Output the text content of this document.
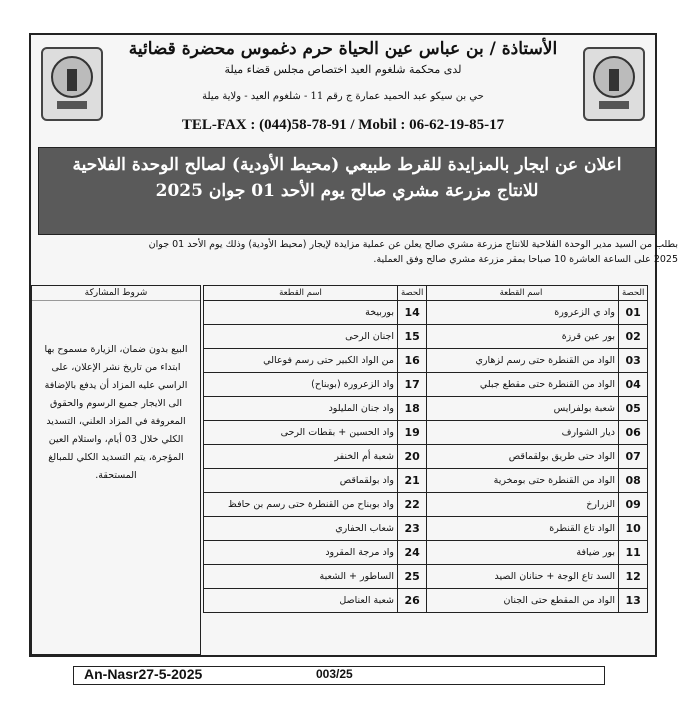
الأستاذة / بن عباس عين الحياة حرم دغموس محضرة قضائية
لدى محكمة شلغوم العيد اختصاص مجلس قضاء ميلة
حي بن سيكو عبد الحميد عمارة ج رقم 11 - شلغوم العيد - ولاية ميلة
TEL-FAX : (044)58-78-91 / Mobil : 06-62-19-85-17
اعلان عن ايجار بالمزايدة للقرط طبيعي (محيط الأودية) لصالح الوحدة الفلاحية
للانتاج مزرعة مشري صالح يوم الأحد 01 جوان 2025
بطلب من السيد مدير الوحدة الفلاحية للانتاج مزرعة مشري صالح يعلن عن عملية مزايدة لإيجار (محيط الأودية) وذلك يوم الأحد 01 جوان
2025 على الساعة العاشرة 10 صباحا بمقر مزرعة مشري صالح وفق العملية.
الحصة	اسم القطعة
01	واد ي الزعرورة
02	بور عين قرزة
03	الواد من القنطرة حتى رسم لزهاري
04	الواد من القنطرة حتى مقطع جبلي
05	شعبة بولفرايس
06	ديار الشوارف
07	الواد حتى طريق بولقماقص
08	الواد من القنطرة حتى بومخرية
09	الزرارخ
10	الواد تاع القنطرة
11	بور ضيافة
12	السد تاع الوجة + حنانان الصيد
13	الواد من المقطع حتى الجنان
الحصة	اسم القطعة
14	بوربيخة
15	اجنان الرحى
16	من الواد الكبير حتى رسم فوعالي
17	واد الزعرورة (بوبناح)
18	واد جنان المليلود
19	واد الحسين + بقطات الرحى
20	شعبة أم الخنفر
21	واد بولقماقص
22	واد بوبناح من القنطرة حتى رسم بن حافظ
23	شعاب الحفاري
24	واد مرجة المقرود
25	الساطور + الشعبة
26	شعبة العناصل
شروط المشاركة
البيع بدون ضمان، الزيارة مسموح بها ابتداء من تاريخ نشر الإعلان، على الراسي عليه المزاد أن يدفع بالإضافة الى الايجار جميع الرسوم والحقوق المعروفة في المزاد العلني، التسديد الكلي خلال 03 أيام، واستلام العين المؤجرة، يتم التسديد الكلي للمبالغ المستحقة.
An-Nasr27-5-2025	003/25
